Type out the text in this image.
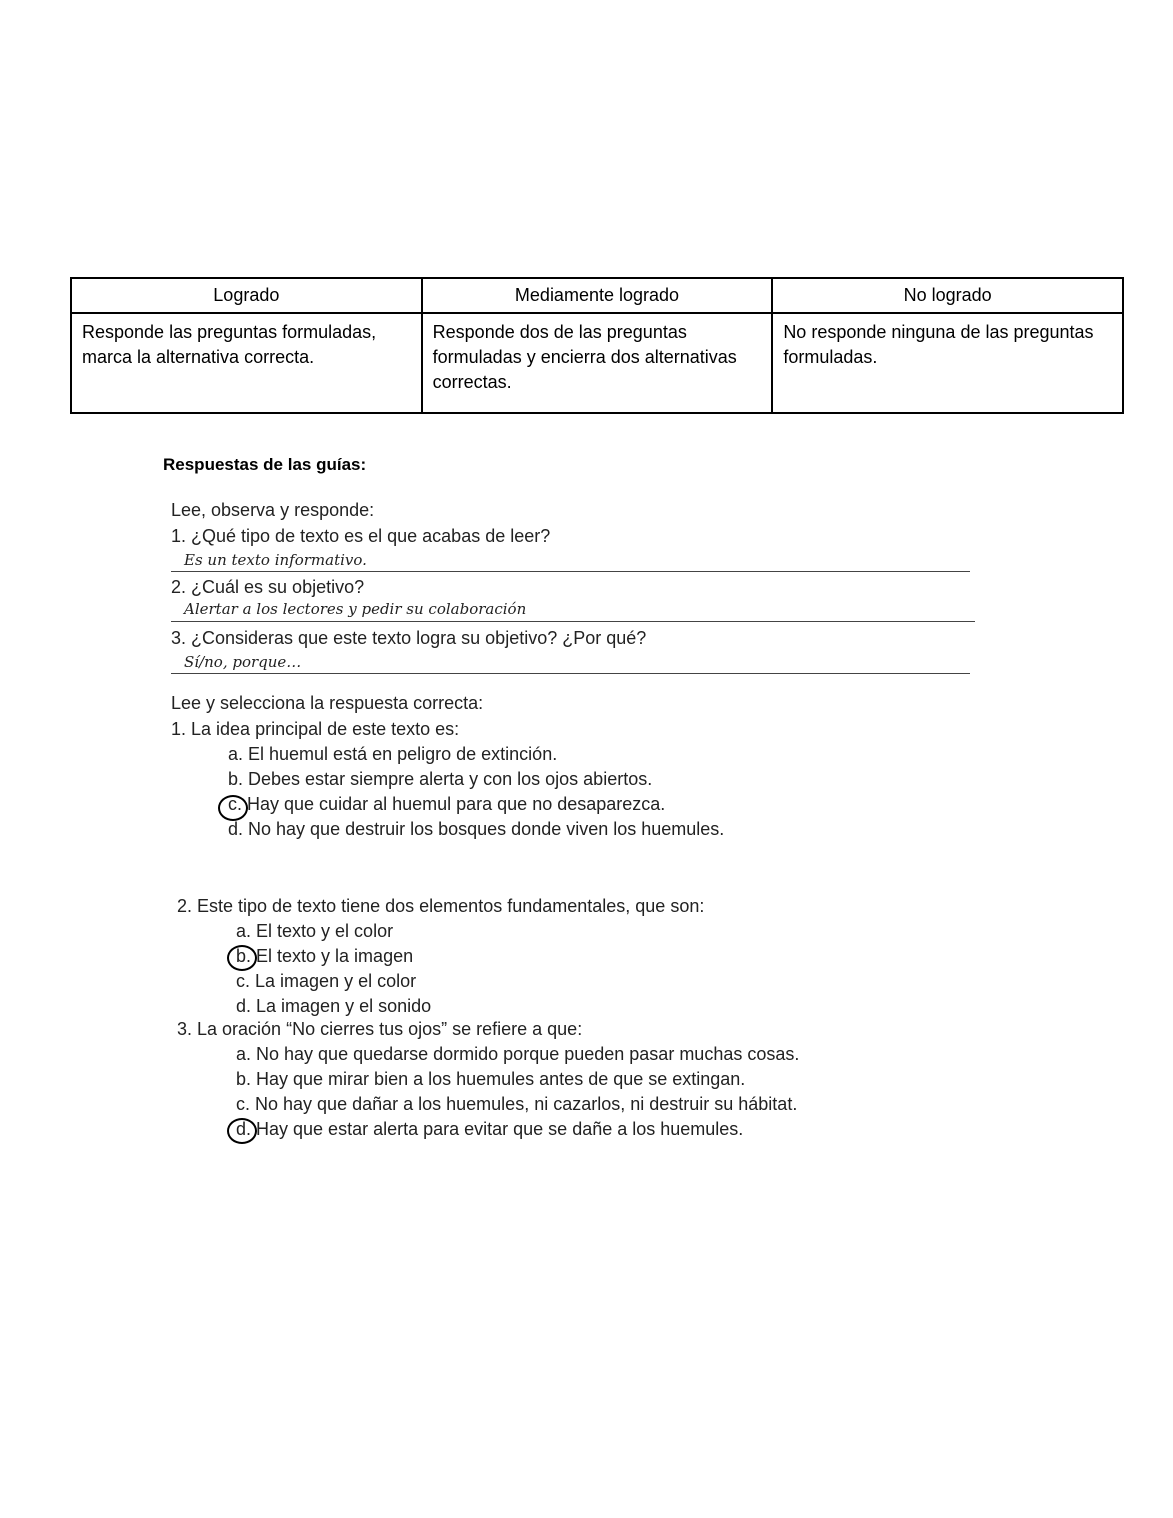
Logrado	Mediamente logrado	No logrado
Responde las preguntas formuladas, marca la alternativa correcta.	Responde dos de las preguntas formuladas y encierra dos alternativas correctas.	No responde ninguna de las preguntas formuladas.
Respuestas de las guías:
Lee, observa y responde:
1. ¿Qué tipo de texto es el que acabas de leer?
Es un texto informativo.
2. ¿Cuál es su objetivo?
Alertar a los lectores y pedir su colaboración
3. ¿Consideras que este texto logra su objetivo? ¿Por qué?
Sí/no, porque…
Lee y selecciona la respuesta correcta:
1. La idea principal de este texto es:
a. El huemul está en peligro de extinción.
b. Debes estar siempre alerta y con los ojos abiertos.
c. Hay que cuidar al huemul para que no desaparezca.
d. No hay que destruir los bosques donde viven los huemules.
2. Este tipo de texto tiene dos elementos fundamentales, que son:
a. El texto y el color
b. El texto y la imagen
c. La imagen y el color
d. La imagen y el sonido
3. La oración “No cierres tus ojos” se refiere a que:
a. No hay que quedarse dormido porque pueden pasar muchas cosas.
b. Hay que mirar bien a los huemules antes de que se extingan.
c. No hay que dañar a los huemules, ni cazarlos, ni destruir su hábitat.
d. Hay que estar alerta para evitar que se dañe a los huemules.
